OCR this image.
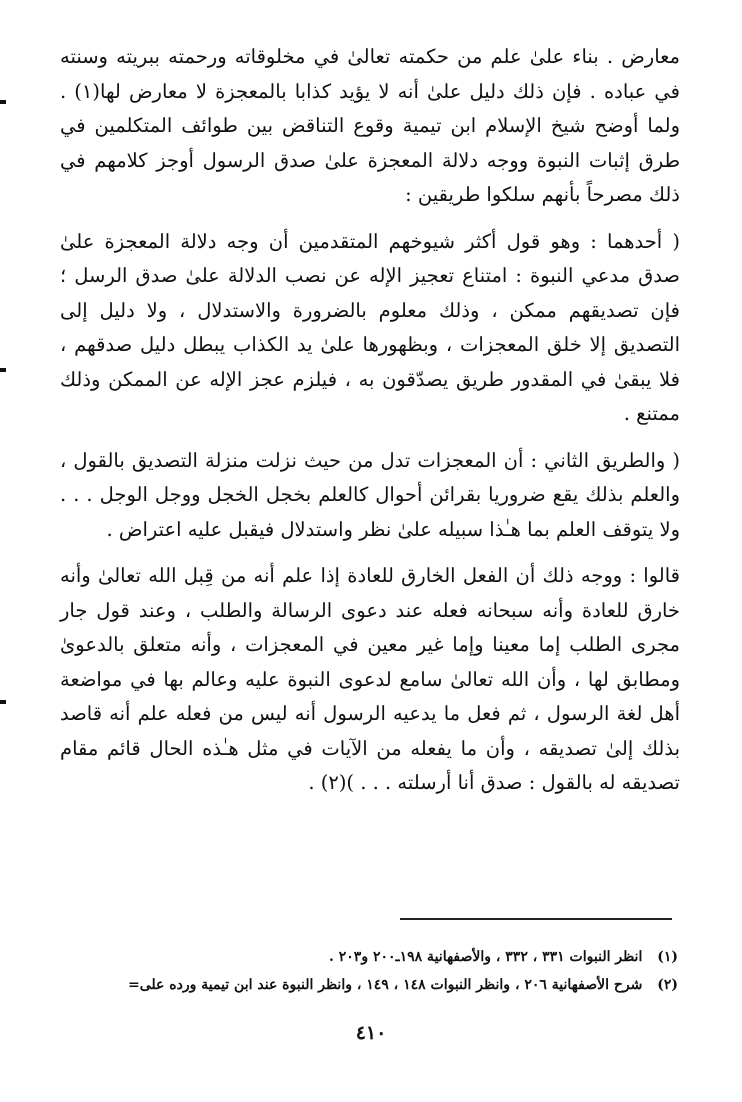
معارض . بناء علىٰ علم من حكمته تعالىٰ في مخلوقاته ورحمته ببريته وسنته في عباده . فإن ذلك دليل علىٰ أنه لا يؤيد كذابا بالمعجزة لا معارض لها(١) . ولما أوضح شيخ الإسلام ابن تيمية وقوع التناقض بين طوائف المتكلمين في طرق إثبات النبوة ووجه دلالة المعجزة علىٰ صدق الرسول أوجز كلامهم في ذلك مصرحاً بأنهم سلكوا طريقين :

( أحدهما : وهو قول أكثر شيوخهم المتقدمين أن وجه دلالة المعجزة علىٰ صدق مدعي النبوة : امتناع تعجيز الإله عن نصب الدلالة علىٰ صدق الرسل ؛ فإن تصديقهم ممكن ، وذلك معلوم بالضرورة والاستدلال ، ولا دليل إلى التصديق إلا خلق المعجزات ، وبظهورها علىٰ يد الكذاب يبطل دليل صدقهم ، فلا يبقىٰ في المقدور طريق يصدّقون به ، فيلزم عجز الإله عن الممكن وذلك ممتنع .

( والطريق الثاني : أن المعجزات تدل من حيث نزلت منزلة التصديق بالقول ، والعلم بذلك يقع ضروريا بقرائن أحوال كالعلم بخجل الخجل ووجل الوجل . . . ولا يتوقف العلم بما هـٰذا سبيله علىٰ نظر واستدلال فيقبل عليه اعتراض .

قالوا : ووجه ذلك أن الفعل الخارق للعادة إذا علم أنه من قِبل الله تعالىٰ وأنه خارق للعادة وأنه سبحانه فعله عند دعوى الرسالة والطلب ، وعند قول جار مجرى الطلب إما معينا وإما غير معين في المعجزات ، وأنه متعلق بالدعوىٰ ومطابق لها ، وأن الله تعالىٰ سامع لدعوى النبوة عليه وعالم بها في مواضعة أهل لغة الرسول ، ثم فعل ما يدعيه الرسول أنه ليس من فعله علم أنه قاصد بذلك إلىٰ تصديقه ، وأن ما يفعله من الآيات في مثل هـٰذه الحال قائم مقام تصديقه له بالقول : صدق أنا أرسلته . . . )(٢) .

(١) انظر النبوات ٣٣١ ، ٣٣٢ ، والأصفهانية ١٩٨ـ٢٠٠ و٢٠٣ .
(٢) شرح الأصفهانية ٢٠٦ ، وانظر النبوات ١٤٨ ، ١٤٩ ، وانظر النبوة عند ابن تيمية ورده على=
٤١٠
